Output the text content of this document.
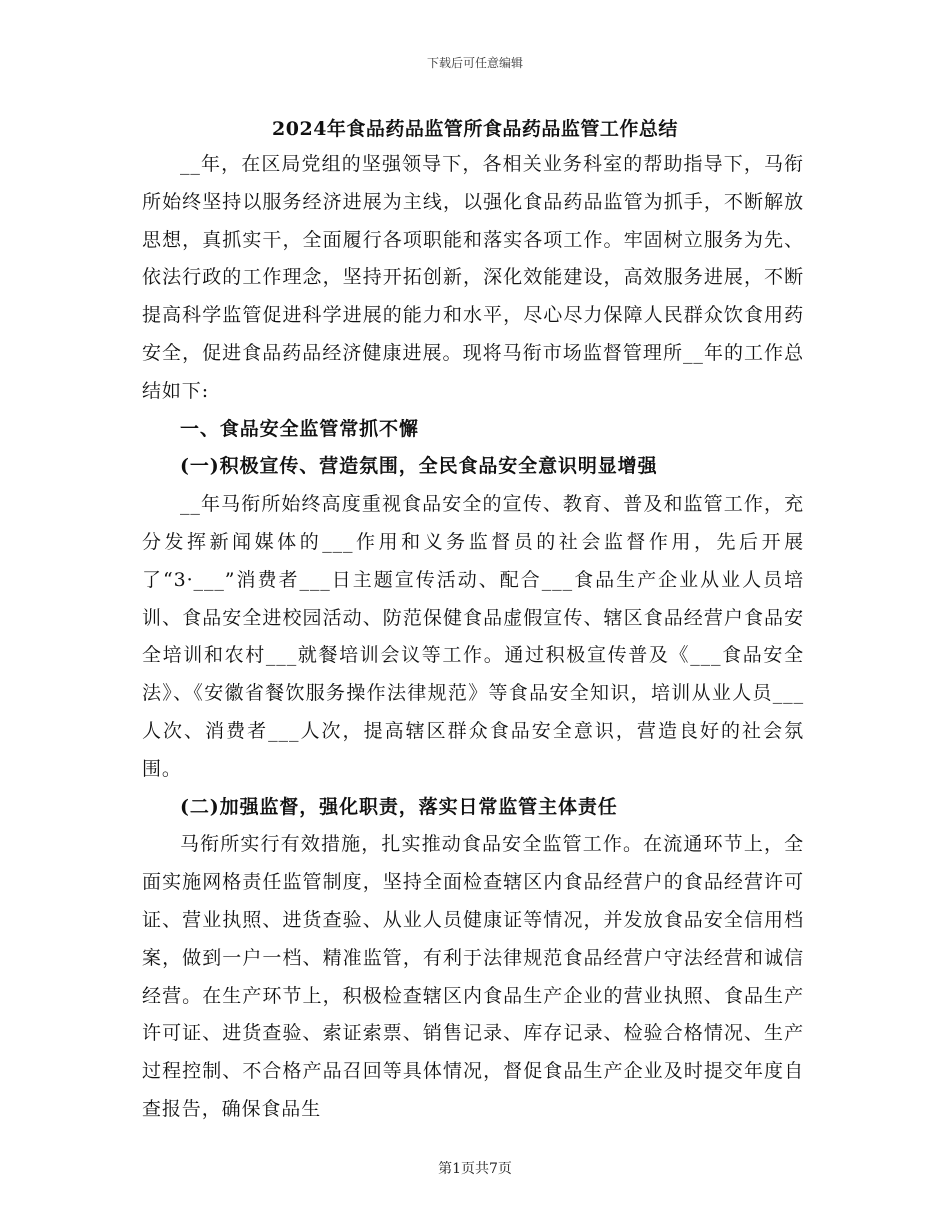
下载后可任意编辑
2024年食品药品监管所食品药品监管工作总结

__年，在区局党组的坚强领导下，各相关业务科室的帮助指导下，马衔所始终坚持以服务经济进展为主线，以强化食品药品监管为抓手，不断解放思想，真抓实干，全面履行各项职能和落实各项工作。牢固树立服务为先、依法行政的工作理念，坚持开拓创新，深化效能建设，高效服务进展，不断提高科学监管促进科学进展的能力和水平，尽心尽力保障人民群众饮食用药安全，促进食品药品经济健康进展。现将马衔市场监督管理所__年的工作总结如下:

一、食品安全监管常抓不懈

(一)积极宣传、营造氛围，全民食品安全意识明显增强

__年马衔所始终高度重视食品安全的宣传、教育、普及和监管工作，充分发挥新闻媒体的___作用和义务监督员的社会监督作用，先后开展了“3·___”消费者___日主题宣传活动、配合___食品生产企业从业人员培训、食品安全进校园活动、防范保健食品虚假宣传、辖区食品经营户食品安全培训和农村___就餐培训会议等工作。通过积极宣传普及《___食品安全法》、《安徽省餐饮服务操作法律规范》等食品安全知识，培训从业人员___人次、消费者___人次，提高辖区群众食品安全意识，营造良好的社会氛围。

(二)加强监督，强化职责，落实日常监管主体责任

马衔所实行有效措施，扎实推动食品安全监管工作。在流通环节上，全面实施网格责任监管制度，坚持全面检查辖区内食品经营户的食品经营许可证、营业执照、进货查验、从业人员健康证等情况，并发放食品安全信用档案，做到一户一档、精准监管，有利于法律规范食品经营户守法经营和诚信经营。在生产环节上，积极检查辖区内食品生产企业的营业执照、食品生产许可证、进货查验、索证索票、销售记录、库存记录、检验合格情况、生产过程控制、不合格产品召回等具体情况，督促食品生产企业及时提交年度自查报告，确保食品生

第1页共7页
